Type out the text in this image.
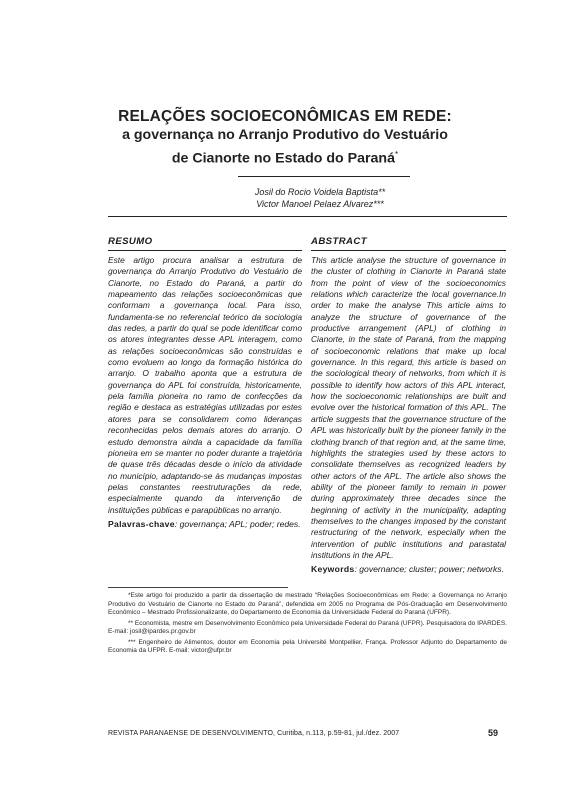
RELAÇÕES SOCIOECONÔMICAS EM REDE:
a governança no Arranjo Produtivo do Vestuário
de Cianorte no Estado do Paraná*
Josil do Rocio Voidela Baptista**
Victor Manoel Pelaez Alvarez***
RESUMO

Este artigo procura analisar a estrutura de governança do Arranjo Produtivo do Vestuário de Cianorte, no Estado do Paraná, a partir do mapeamento das relações socioeconômicas que conformam a governança local. Para isso, fundamenta-se no referencial teórico da sociologia das redes, a partir do qual se pode identificar como os atores integrantes desse APL interagem, como as relações socioeconômicas são construídas e como evoluem ao longo da formação histórica do arranjo. O trabalho aponta que a estrutura de governança do APL foi construída, historicamente, pela família pioneira no ramo de confecções da região e destaca as estratégias utilizadas por estes atores para se consolidarem como lideranças reconhecidas pelos demais atores do arranjo. O estudo demonstra ainda a capacidade da família pioneira em se manter no poder durante a trajetória de quase três décadas desde o início da atividade no município, adaptando-se às mudanças impostas pelas constantes reestruturações da rede, especialmente quando da intervenção de instituições públicas e parapúblicas no arranjo.

Palavras-chave: governança; APL; poder; redes.
ABSTRACT

This article analyse the structure of governance in the cluster of clothing in Cianorte in Paraná state from the point of view of the socioeconomics relations which caracterize the local governance.In order to make the analyse This article aims to analyze the structure of governance of the productive arrangement (APL) of clothing in Cianorte, in the state of Paraná, from the mapping of socioeconomic relations that make up local governance. In this regard, this article is based on the sociological theory of networks, from which it is possible to identify how actors of this APL interact, how the socioeconomic relationships are built and evolve over the historical formation of this APL. The article suggests that the governance structure of the APL was historically built by the pioneer family in the clothing branch of that region and, at the same time, highlights the strategies used by these actors to consolidate themselves as recognized leaders by other actors of the APL. The article also shows the ability of the pioneer family to remain in power during approximately three decades since the beginning of activity in the municipality, adapting themselves to the changes imposed by the constant restructuring of the network, especially when the intervention of public institutions and parastatal institutions in the APL.

Keywords: governance; cluster; power; networks.

*Este artigo foi produzido a partir da dissertação de mestrado “Relações Socioeconômicas em Rede: a Governança no Arranjo Produtivo do Vestuário de Cianorte no Estado do Paraná”, defendida em 2005 no Programa de Pós-Graduação em Desenvolvimento Econômico – Mestrado Profissionalizante, do Departamento de Economia da Universidade Federal do Paraná (UFPR).

** Economista, mestre em Desenvolvimento Econômico pela Universidade Federal do Paraná (UFPR). Pesquisadora do IPARDES. E-mail: josil@ipardes.pr.gov.br

*** Engenheiro de Alimentos, doutor em Economia pela Université Montpellier, França. Professor Adjunto do Departamento de Economia da UFPR. E-mail: victor@ufpr.br

REVISTA PARANAENSE DE DESENVOLVIMENTO, Curitiba, n.113, p.59-81, jul./dez. 2007	59
